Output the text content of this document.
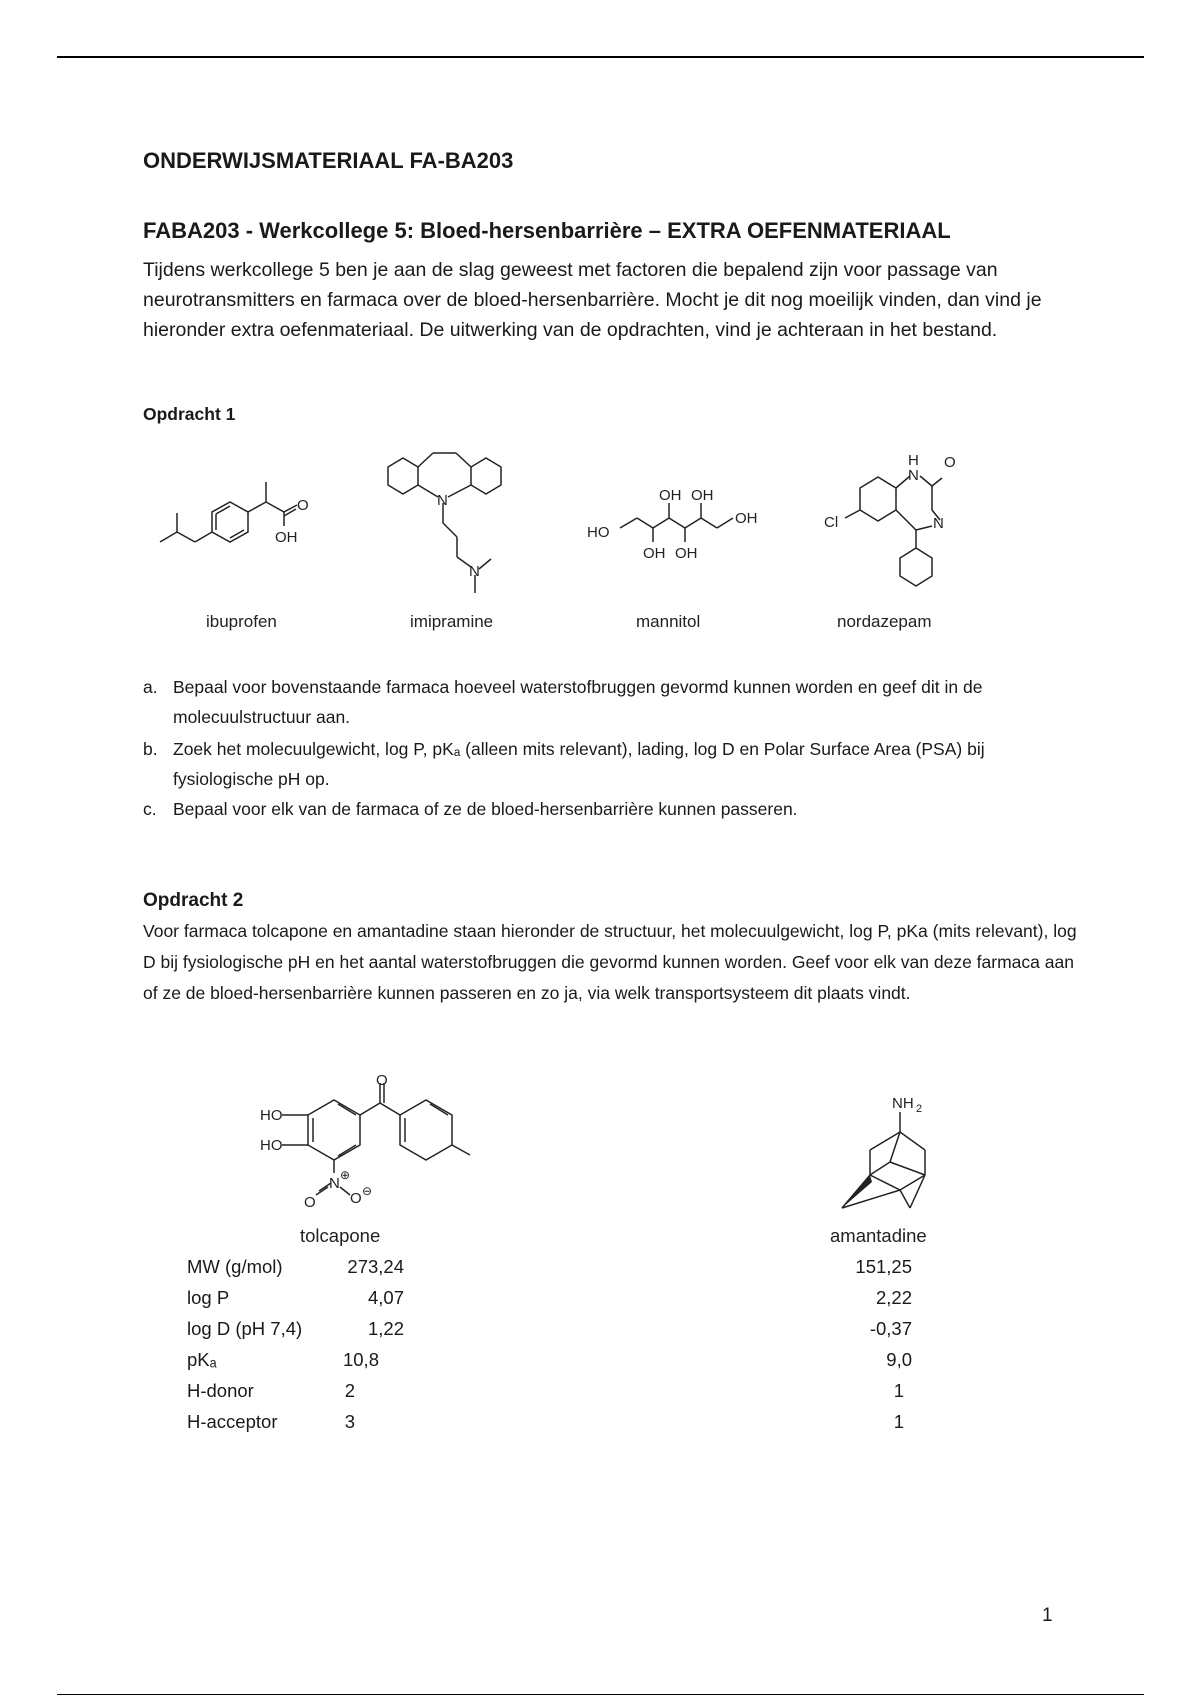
ONDERWIJSMATERIAAL FA-BA203
FABA203 - Werkcollege 5: Bloed-hersenbarrière – EXTRA OEFENMATERIAAL
Tijdens werkcollege 5 ben je aan de slag geweest met factoren die bepalend zijn voor passage van neurotransmitters en farmaca over de bloed-hersenbarrière. Mocht je dit nog moeilijk vinden, dan vind je hieronder extra oefenmateriaal. De uitwerking van de opdrachten, vind je achteraan in het bestand.
Opdracht 1
O
OH
ibuprofen
N
N
imipramine
HO
OH
OH OH
OH OH
mannitol
H
N
O
N
Cl
nordazepam
a. Bepaal voor bovenstaande farmaca hoeveel waterstofbruggen gevormd kunnen worden en geef dit in de molecuulstructuur aan.
b. Zoek het molecuulgewicht, log P, pKₐ (alleen mits relevant), lading, log D en Polar Surface Area (PSA) bij fysiologische pH op.
c. Bepaal voor elk van de farmaca of ze de bloed-hersenbarrière kunnen passeren.
Opdracht 2
Voor farmaca tolcapone en amantadine staan hieronder de structuur, het molecuulgewicht, log P, pKa (mits relevant), log D bij fysiologische pH en het aantal waterstofbruggen die gevormd kunnen worden. Geef voor elk van deze farmaca aan of ze de bloed-hersenbarrière kunnen passeren en zo ja, via welk transportsysteem dit plaats vindt.
O
HO
HO
N ⊕
O O ⊖
tolcapone
NH 2
amantadine
MW (g/mol)	273,24	151,25
log P	4,07	2,22
log D (pH 7,4)	1,22	-0,37
pKₐ	10,8	9,0
H-donor	2	1
H-acceptor	3	1
1
